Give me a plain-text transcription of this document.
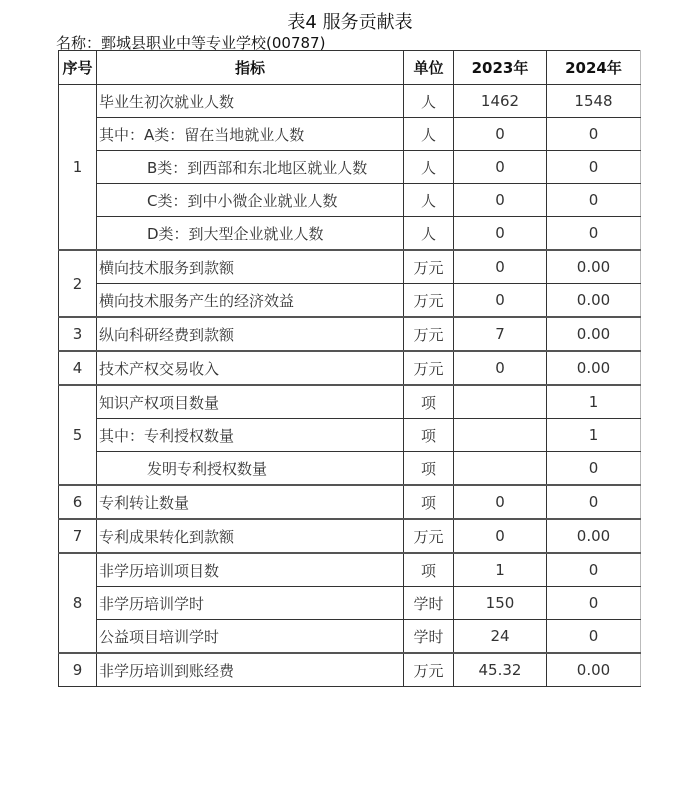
表4 服务贡献表
名称：鄄城县职业中等专业学校(00787)
序号	指标	单位	2023年	2024年
1	毕业生初次就业人数	人	1462	1548
	其中：A类：留在当地就业人数	人	0	0
	B类：到西部和东北地区就业人数	人	0	0
	C类：到中小微企业就业人数	人	0	0
	D类：到大型企业就业人数	人	0	0
2	横向技术服务到款额	万元	0	0.00
	横向技术服务产生的经济效益	万元	0	0.00
3	纵向科研经费到款额	万元	7	0.00
4	技术产权交易收入	万元	0	0.00
5	知识产权项目数量	项		1
	其中：专利授权数量	项		1
	发明专利授权数量	项		0
6	专利转让数量	项	0	0
7	专利成果转化到款额	万元	0	0.00
8	非学历培训项目数	项	1	0
	非学历培训学时	学时	150	0
	公益项目培训学时	学时	24	0
9	非学历培训到账经费	万元	45.32	0.00
